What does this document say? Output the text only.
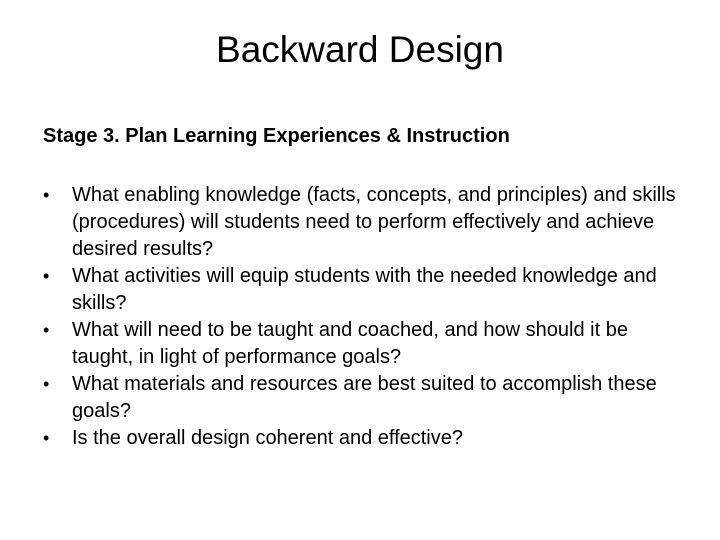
Backward Design
Stage 3. Plan Learning Experiences & Instruction
•	What enabling knowledge (facts, concepts, and principles) and skills (procedures) will students need to perform effectively and achieve desired results?
•	What activities will equip students with the needed knowledge and skills?
•	What will need to be taught and coached, and how should it be taught, in light of performance goals?
•	What materials and resources are best suited to accomplish these goals?
•	Is the overall design coherent and effective?
